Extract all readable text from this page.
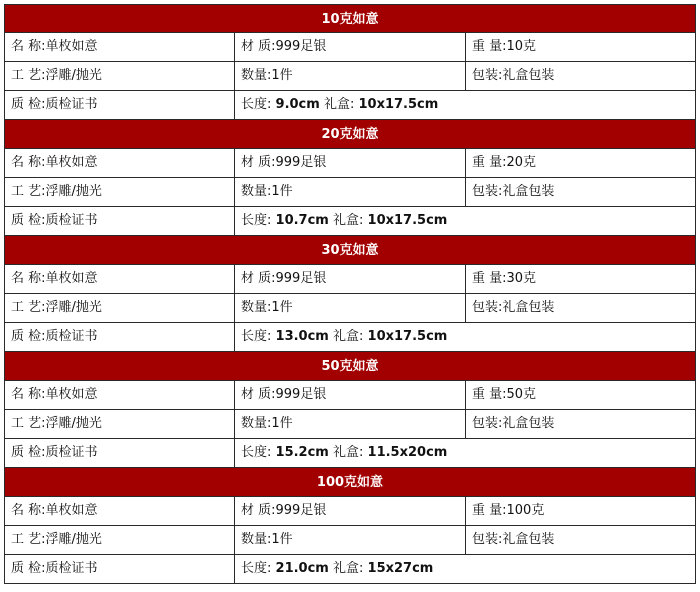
10克如意
名 称:单枚如意	材 质:999足银	重 量:10克
工 艺:浮雕/抛光	数量:1件	包装:礼盒包装
质 检:质检证书	长度: 9.0cm 礼盒: 10x17.5cm
20克如意
名 称:单枚如意	材 质:999足银	重 量:20克
工 艺:浮雕/抛光	数量:1件	包装:礼盒包装
质 检:质检证书	长度: 10.7cm 礼盒: 10x17.5cm
30克如意
名 称:单枚如意	材 质:999足银	重 量:30克
工 艺:浮雕/抛光	数量:1件	包装:礼盒包装
质 检:质检证书	长度: 13.0cm 礼盒: 10x17.5cm
50克如意
名 称:单枚如意	材 质:999足银	重 量:50克
工 艺:浮雕/抛光	数量:1件	包装:礼盒包装
质 检:质检证书	长度: 15.2cm 礼盒: 11.5x20cm
100克如意
名 称:单枚如意	材 质:999足银	重 量:100克
工 艺:浮雕/抛光	数量:1件	包装:礼盒包装
质 检:质检证书	长度: 21.0cm 礼盒: 15x27cm
